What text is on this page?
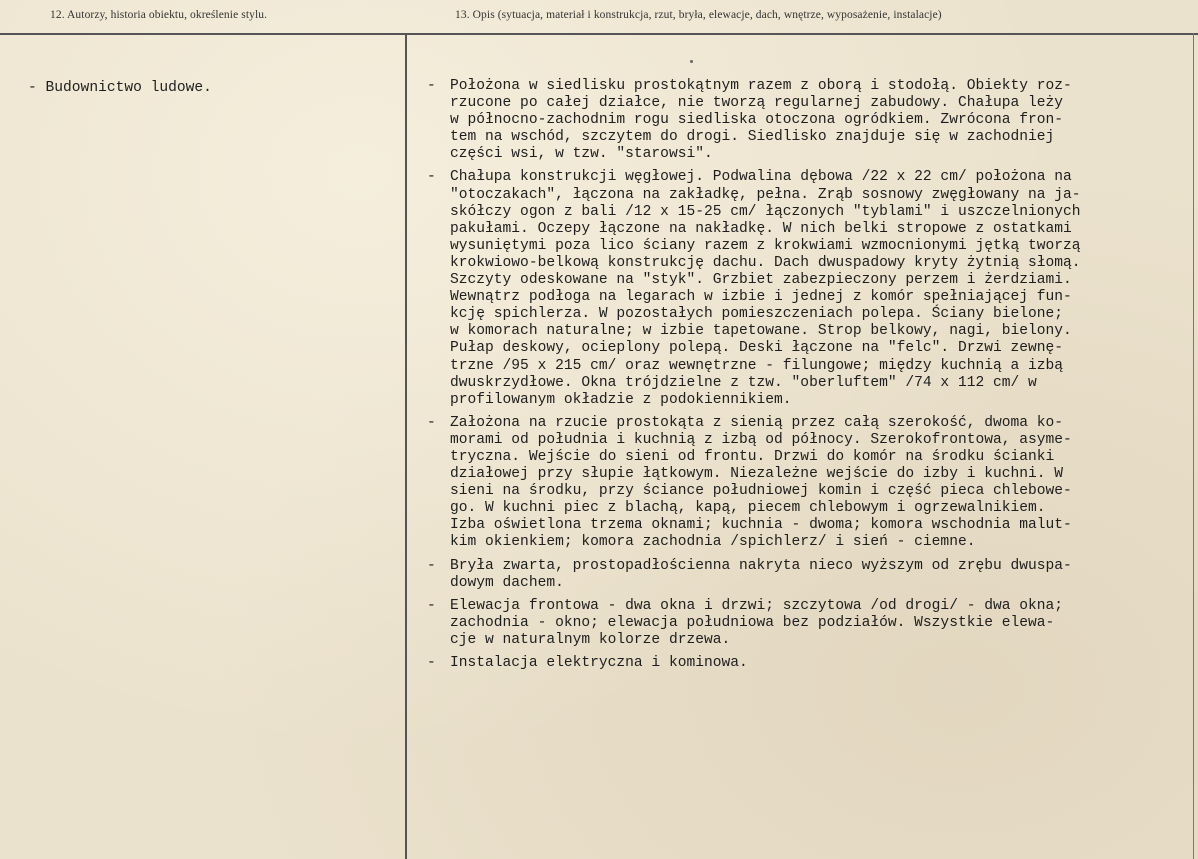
12. Autorzy, historia obiektu, określenie stylu.	13. Opis (sytuacja, materiał i konstrukcja, rzut, bryła, elewacje, dach, wnętrze, wyposażenie, instalacje)
- Budownictwo ludowe.	- Położona w siedlisku prostokątnym razem z oborą i stodołą. Obiekty roz-
rzucone po całej działce, nie tworzą regularnej zabudowy. Chałupa leży
w północno-zachodnim rogu siedliska otoczona ogródkiem. Zwrócona fron-
tem na wschód, szczytem do drogi. Siedlisko znajduje się w zachodniej
części wsi, w tzw. "starowsi".
- Chałupa konstrukcji węgłowej. Podwalina dębowa /22 x 22 cm/ położona na
"otoczakach", łączona na zakładkę, pełna. Zrąb sosnowy zwęgłowany na ja-
skółczy ogon z bali /12 x 15-25 cm/ łączonych "tyblami" i uszczelnionych
pakułami. Oczepy łączone na nakładkę. W nich belki stropowe z ostatkami
wysuniętymi poza lico ściany razem z krokwiami wzmocnionymi jętką tworzą
krokwiowo-belkową konstrukcję dachu. Dach dwuspadowy kryty żytnią słomą.
Szczyty odeskowane na "styk". Grzbiet zabezpieczony perzem i żerdziami.
Wewnątrz podłoga na legarach w izbie i jednej z komór spełniającej fun-
kcję spichlerza. W pozostałych pomieszczeniach polepa. Ściany bielone;
w komorach naturalne; w izbie tapetowane. Strop belkowy, nagi, bielony.
Pułap deskowy, ocieplony polepą. Deski łączone na "felc". Drzwi zewnę-
trzne /95 x 215 cm/ oraz wewnętrzne - filungowe; między kuchnią a izbą
dwuskrzydłowe. Okna trójdzielne z tzw. "oberluftem" /74 x 112 cm/ w
profilowanym okładzie z podokiennikiem.
- Założona na rzucie prostokąta z sienią przez całą szerokość, dwoma ko-
morami od południa i kuchnią z izbą od północy. Szerokofrontowa, asyme-
tryczna. Wejście do sieni od frontu. Drzwi do komór na środku ścianki
działowej przy słupie łątkowym. Niezależne wejście do izby i kuchni. W
sieni na środku, przy ściance południowej komin i część pieca chlebowe-
go. W kuchni piec z blachą, kapą, piecem chlebowym i ogrzewalnikiem.
Izba oświetlona trzema oknami; kuchnia - dwoma; komora wschodnia malut-
kim okienkiem; komora zachodnia /spichlerz/ i sień - ciemne.
- Bryła zwarta, prostopadłościenna nakryta nieco wyższym od zrębu dwuspa-
dowym dachem.
- Elewacja frontowa - dwa okna i drzwi; szczytowa /od drogi/ - dwa okna;
zachodnia - okno; elewacja południowa bez podziałów. Wszystkie elewa-
cje w naturalnym kolorze drzewa.
- Instalacja elektryczna i kominowa.
